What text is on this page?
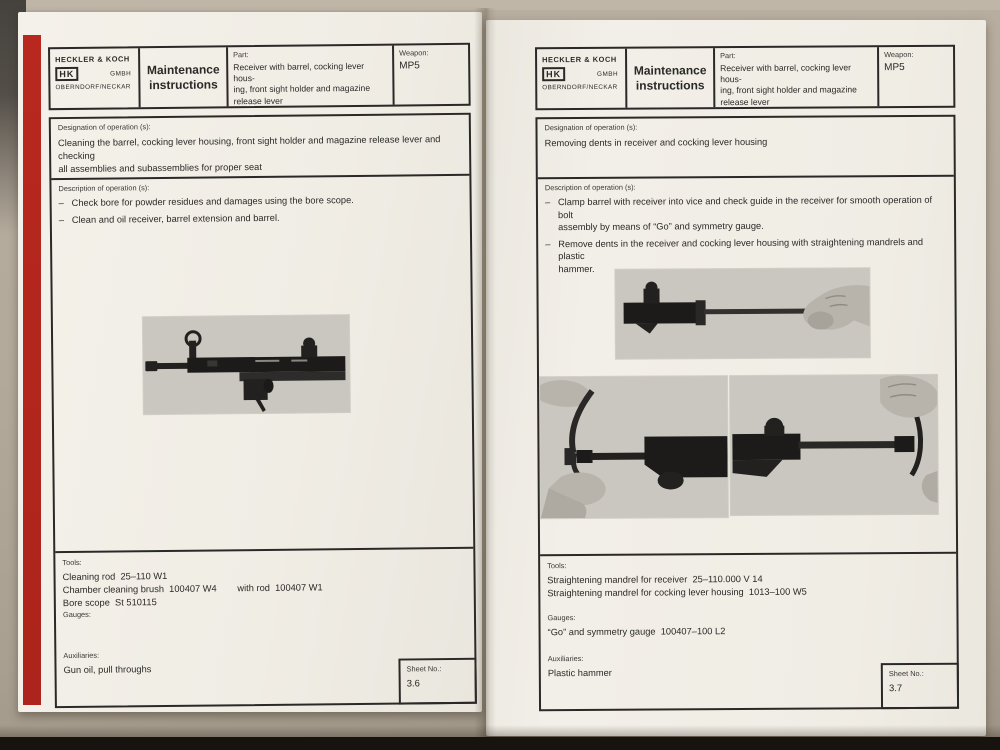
HECKLER & KOCH
HK	GMBH
OBERNDORF/NECKAR
Maintenance
instructions
Part:
Receiver with barrel, cocking lever hous-
ing, front sight holder and magazine
release lever
Weapon:
MP5
Designation of operation (s):
Cleaning the barrel, cocking lever housing, front sight holder and magazine release lever and checking
all assemblies and subassemblies for proper seat
Description of operation (s):
– Check bore for powder residues and damages using the bore scope.
– Clean and oil receiver, barrel extension and barrel.
Tools:
Cleaning rod  25–110 W1
Chamber cleaning brush  100407 W4        with rod  100407 W1
Bore scope  St 510115
Gauges:
Auxiliaries:
Gun oil, pull throughs	Sheet No.:
3.6
HECKLER & KOCH
HK	GMBH
OBERNDORF/NECKAR
Maintenance
instructions
Part:
Receiver with barrel, cocking lever hous-
ing, front sight holder and magazine
release lever
Weapon:
MP5
Designation of operation (s):
Removing dents in receiver and cocking lever housing
Description of operation (s):
– Clamp barrel with receiver into vice and check guide in the receiver for smooth operation of bolt
assembly by means of “Go” and symmetry gauge.
– Remove dents in the receiver and cocking lever housing with straightening mandrels and plastic
hammer.
Tools:
Straightening mandrel for receiver  25–110.000 V 14
Straightening mandrel for cocking lever housing  1013–100 W5
Gauges:
“Go” and symmetry gauge  100407–100 L2
Auxiliaries:
Plastic hammer	Sheet No.:
3.7
